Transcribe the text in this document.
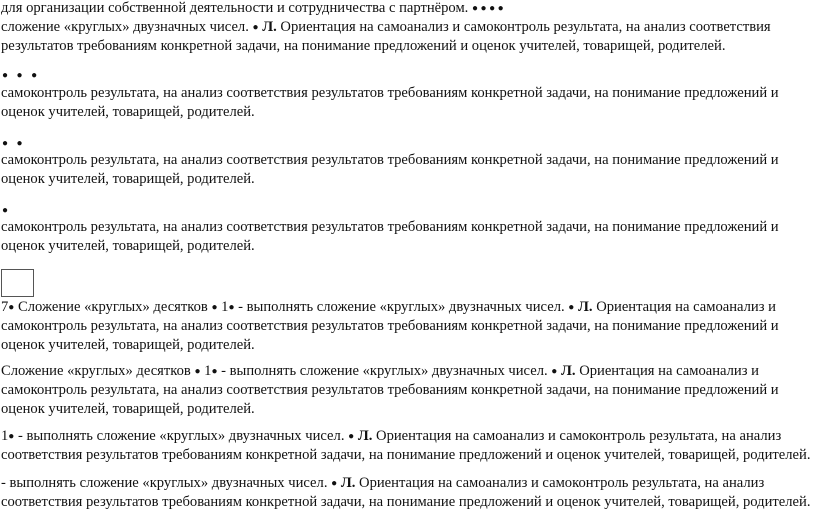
для организации собственной деятельности и сотрудничества с партнёром. ● ● ● ●
сложение «круглых» двузначных чисел. ● Л. Ориентация на самоанализ и самоконтроль результата, на анализ соответствия результатов требованиям конкретной задачи, на понимание предложений и оценок учителей, товарищей, родителей.

● ● ●

самоконтроль результата, на анализ соответствия результатов требованиям конкретной задачи, на понимание предложений и оценок учителей, товарищей, родителей.

● ●

самоконтроль результата, на анализ соответствия результатов требованиям конкретной задачи, на понимание предложений и оценок учителей, товарищей, родителей.

●

самоконтроль результата, на анализ соответствия результатов требованиям конкретной задачи, на понимание предложений и оценок учителей, товарищей, родителей.

7● Сложение «круглых» десятков ● 1● - выполнять сложение «круглых» двузначных чисел. ● Л. Ориентация на самоанализ и самоконтроль результата, на анализ соответствия результатов требованиям конкретной задачи, на понимание предложений и оценок учителей, товарищей, родителей.

Сложение «круглых» десятков ● 1● - выполнять сложение «круглых» двузначных чисел. ● Л. Ориентация на самоанализ и самоконтроль результата, на анализ соответствия результатов требованиям конкретной задачи, на понимание предложений и оценок учителей, товарищей, родителей.

1● - выполнять сложение «круглых» двузначных чисел. ● Л. Ориентация на самоанализ и самоконтроль результата, на анализ соответствия результатов требованиям конкретной задачи, на понимание предложений и оценок учителей, товарищей, родителей.

- выполнять сложение «круглых» двузначных чисел. ● Л. Ориентация на самоанализ и самоконтроль результата, на анализ соответствия результатов требованиям конкретной задачи, на понимание предложений и оценок учителей, товарищей, родителей.
